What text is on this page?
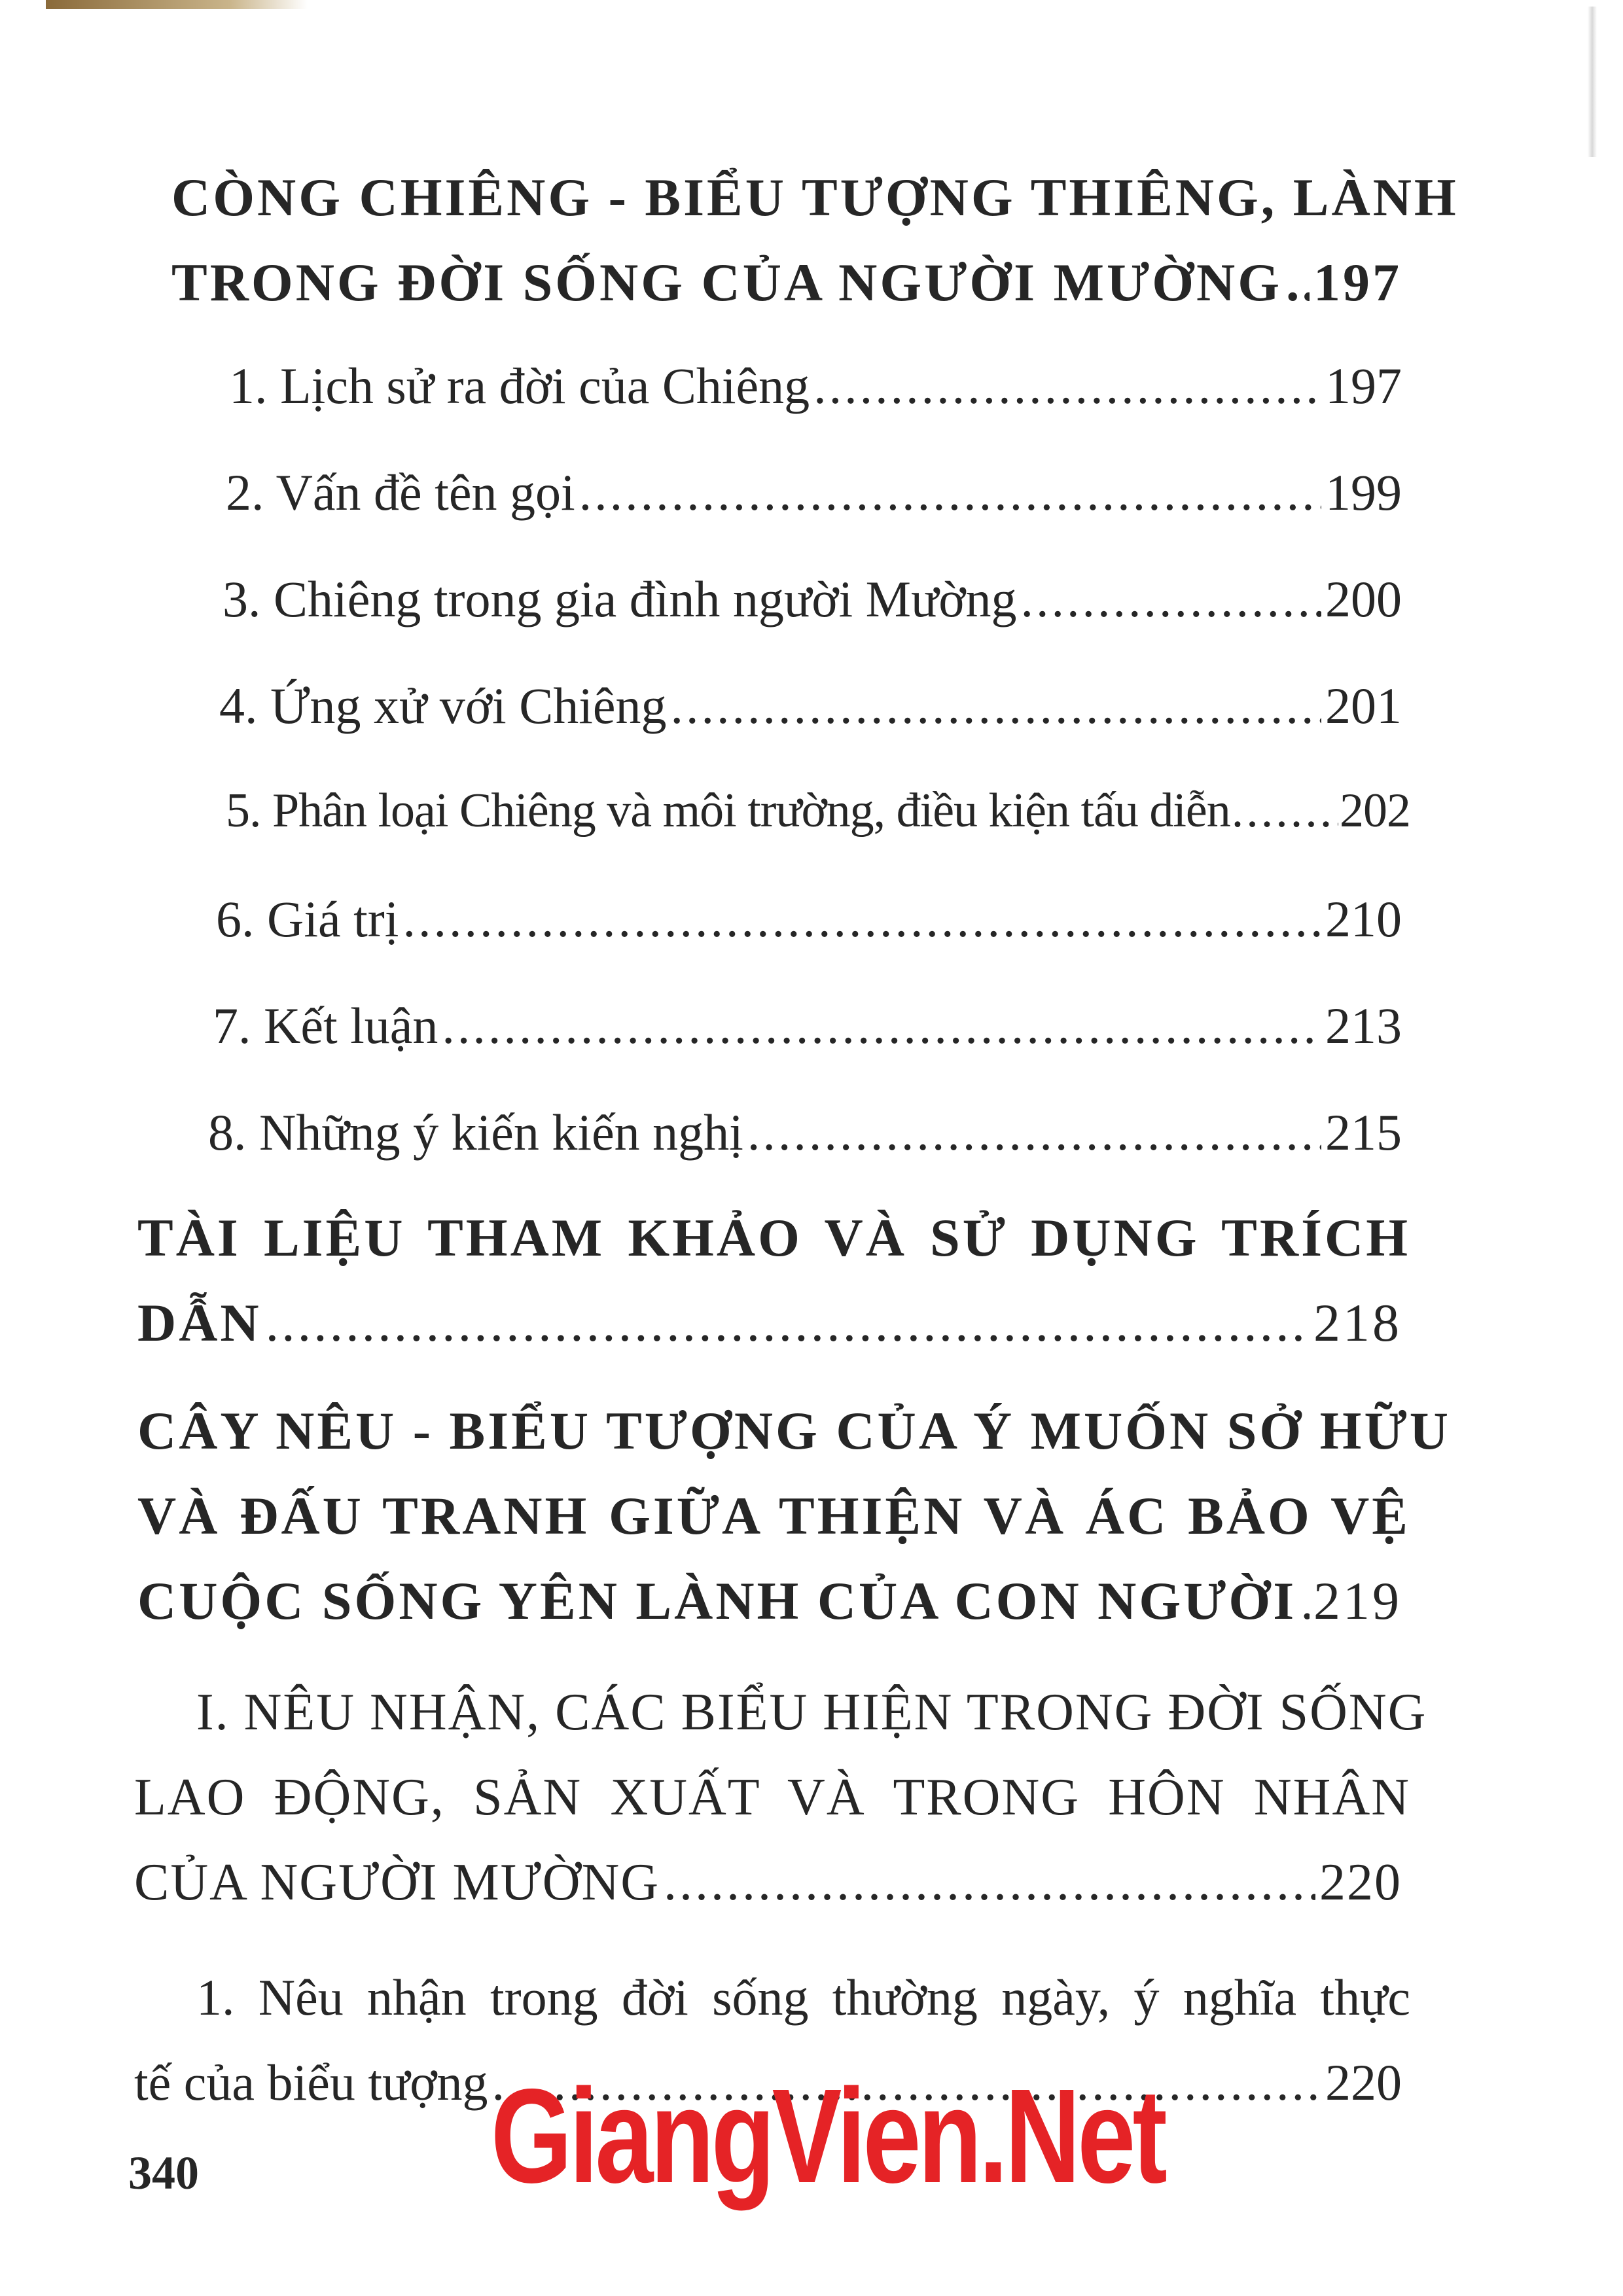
CÒNG CHIÊNG - BIỂU TƯỢNG THIÊNG, LÀNH
TRONG ĐỜI SỐNG CỦA NGƯỜI MƯỜNG ..... 197
1. Lịch sử ra đời của Chiêng .....	197
2. Vấn đề tên gọi .....	199
3. Chiêng trong gia đình người Mường .....	200
4. Ứng xử với Chiêng .....	201
5. Phân loại Chiêng và môi trường, điều kiện tấu diễn ..... 202
6. Giá trị .....	210
7. Kết luận .....	213
8. Những ý kiến kiến nghị .....	215
TÀI LIỆU THAM KHẢO VÀ SỬ DỤNG TRÍCH
DẪN .....	218
CÂY NÊU - BIỂU TƯỢNG CỦA Ý MUỐN SỞ HỮU
VÀ ĐẤU TRANH GIỮA THIỆN VÀ ÁC BẢO VỆ
CUỘC SỐNG YÊN LÀNH CỦA CON NGƯỜI ..... 219
I. NÊU NHẬN, CÁC BIỂU HIỆN TRONG ĐỜI SỐNG
LAO ĐỘNG, SẢN XUẤT VÀ TRONG HÔN NHÂN
CỦA NGƯỜI MƯỜNG .....	220
1. Nêu nhận trong đời sống thường ngày, ý nghĩa thực
tế của biểu tượng .....	220
340 GiangVien.Net
